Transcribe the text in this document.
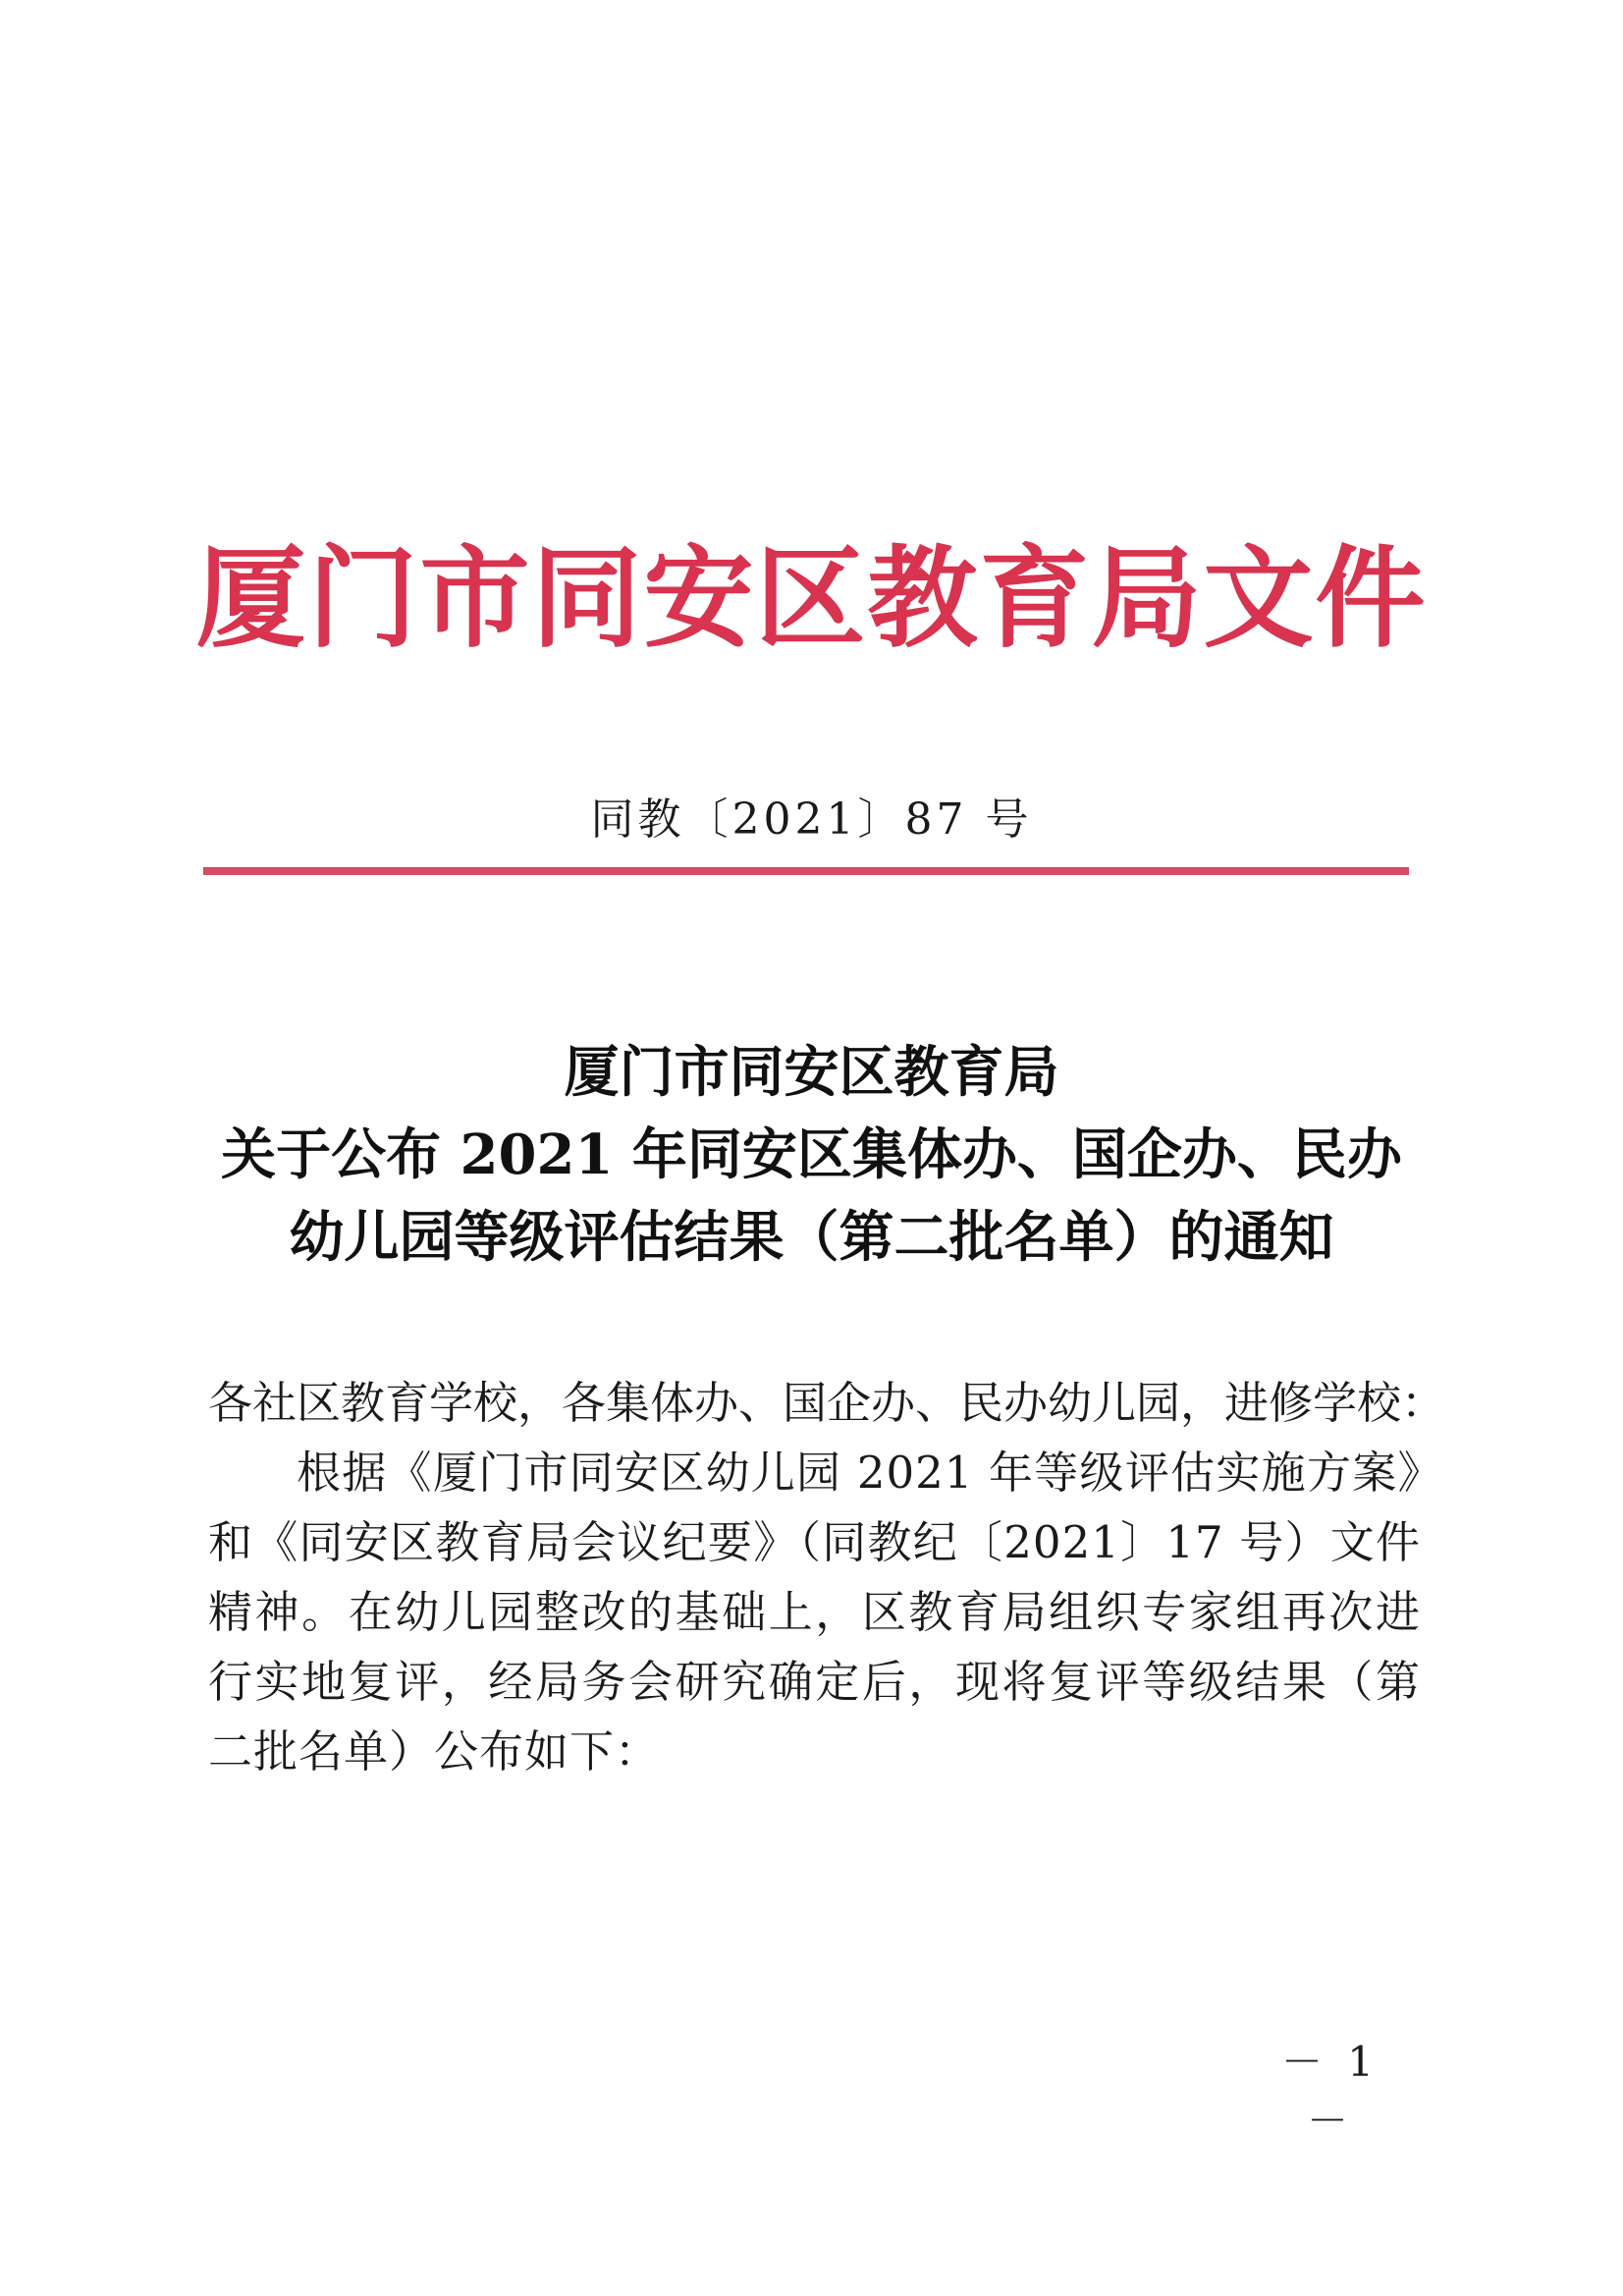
厦门市同安区教育局文件
同教〔2021〕87 号
厦门市同安区教育局
关于公布 2021 年同安区集体办、国企办、民办
幼儿园等级评估结果（第二批名单）的通知
各社区教育学校，各集体办、国企办、民办幼儿园，进修学校：
根据《厦门市同安区幼儿园 2021 年等级评估实施方案》和《同安区教育局会议纪要》（同教纪〔2021〕17 号）文件精神。在幼儿园整改的基础上，区教育局组织专家组再次进行实地复评，经局务会研究确定后，现将复评等级结果（第二批名单）公布如下：
－ 1 －
